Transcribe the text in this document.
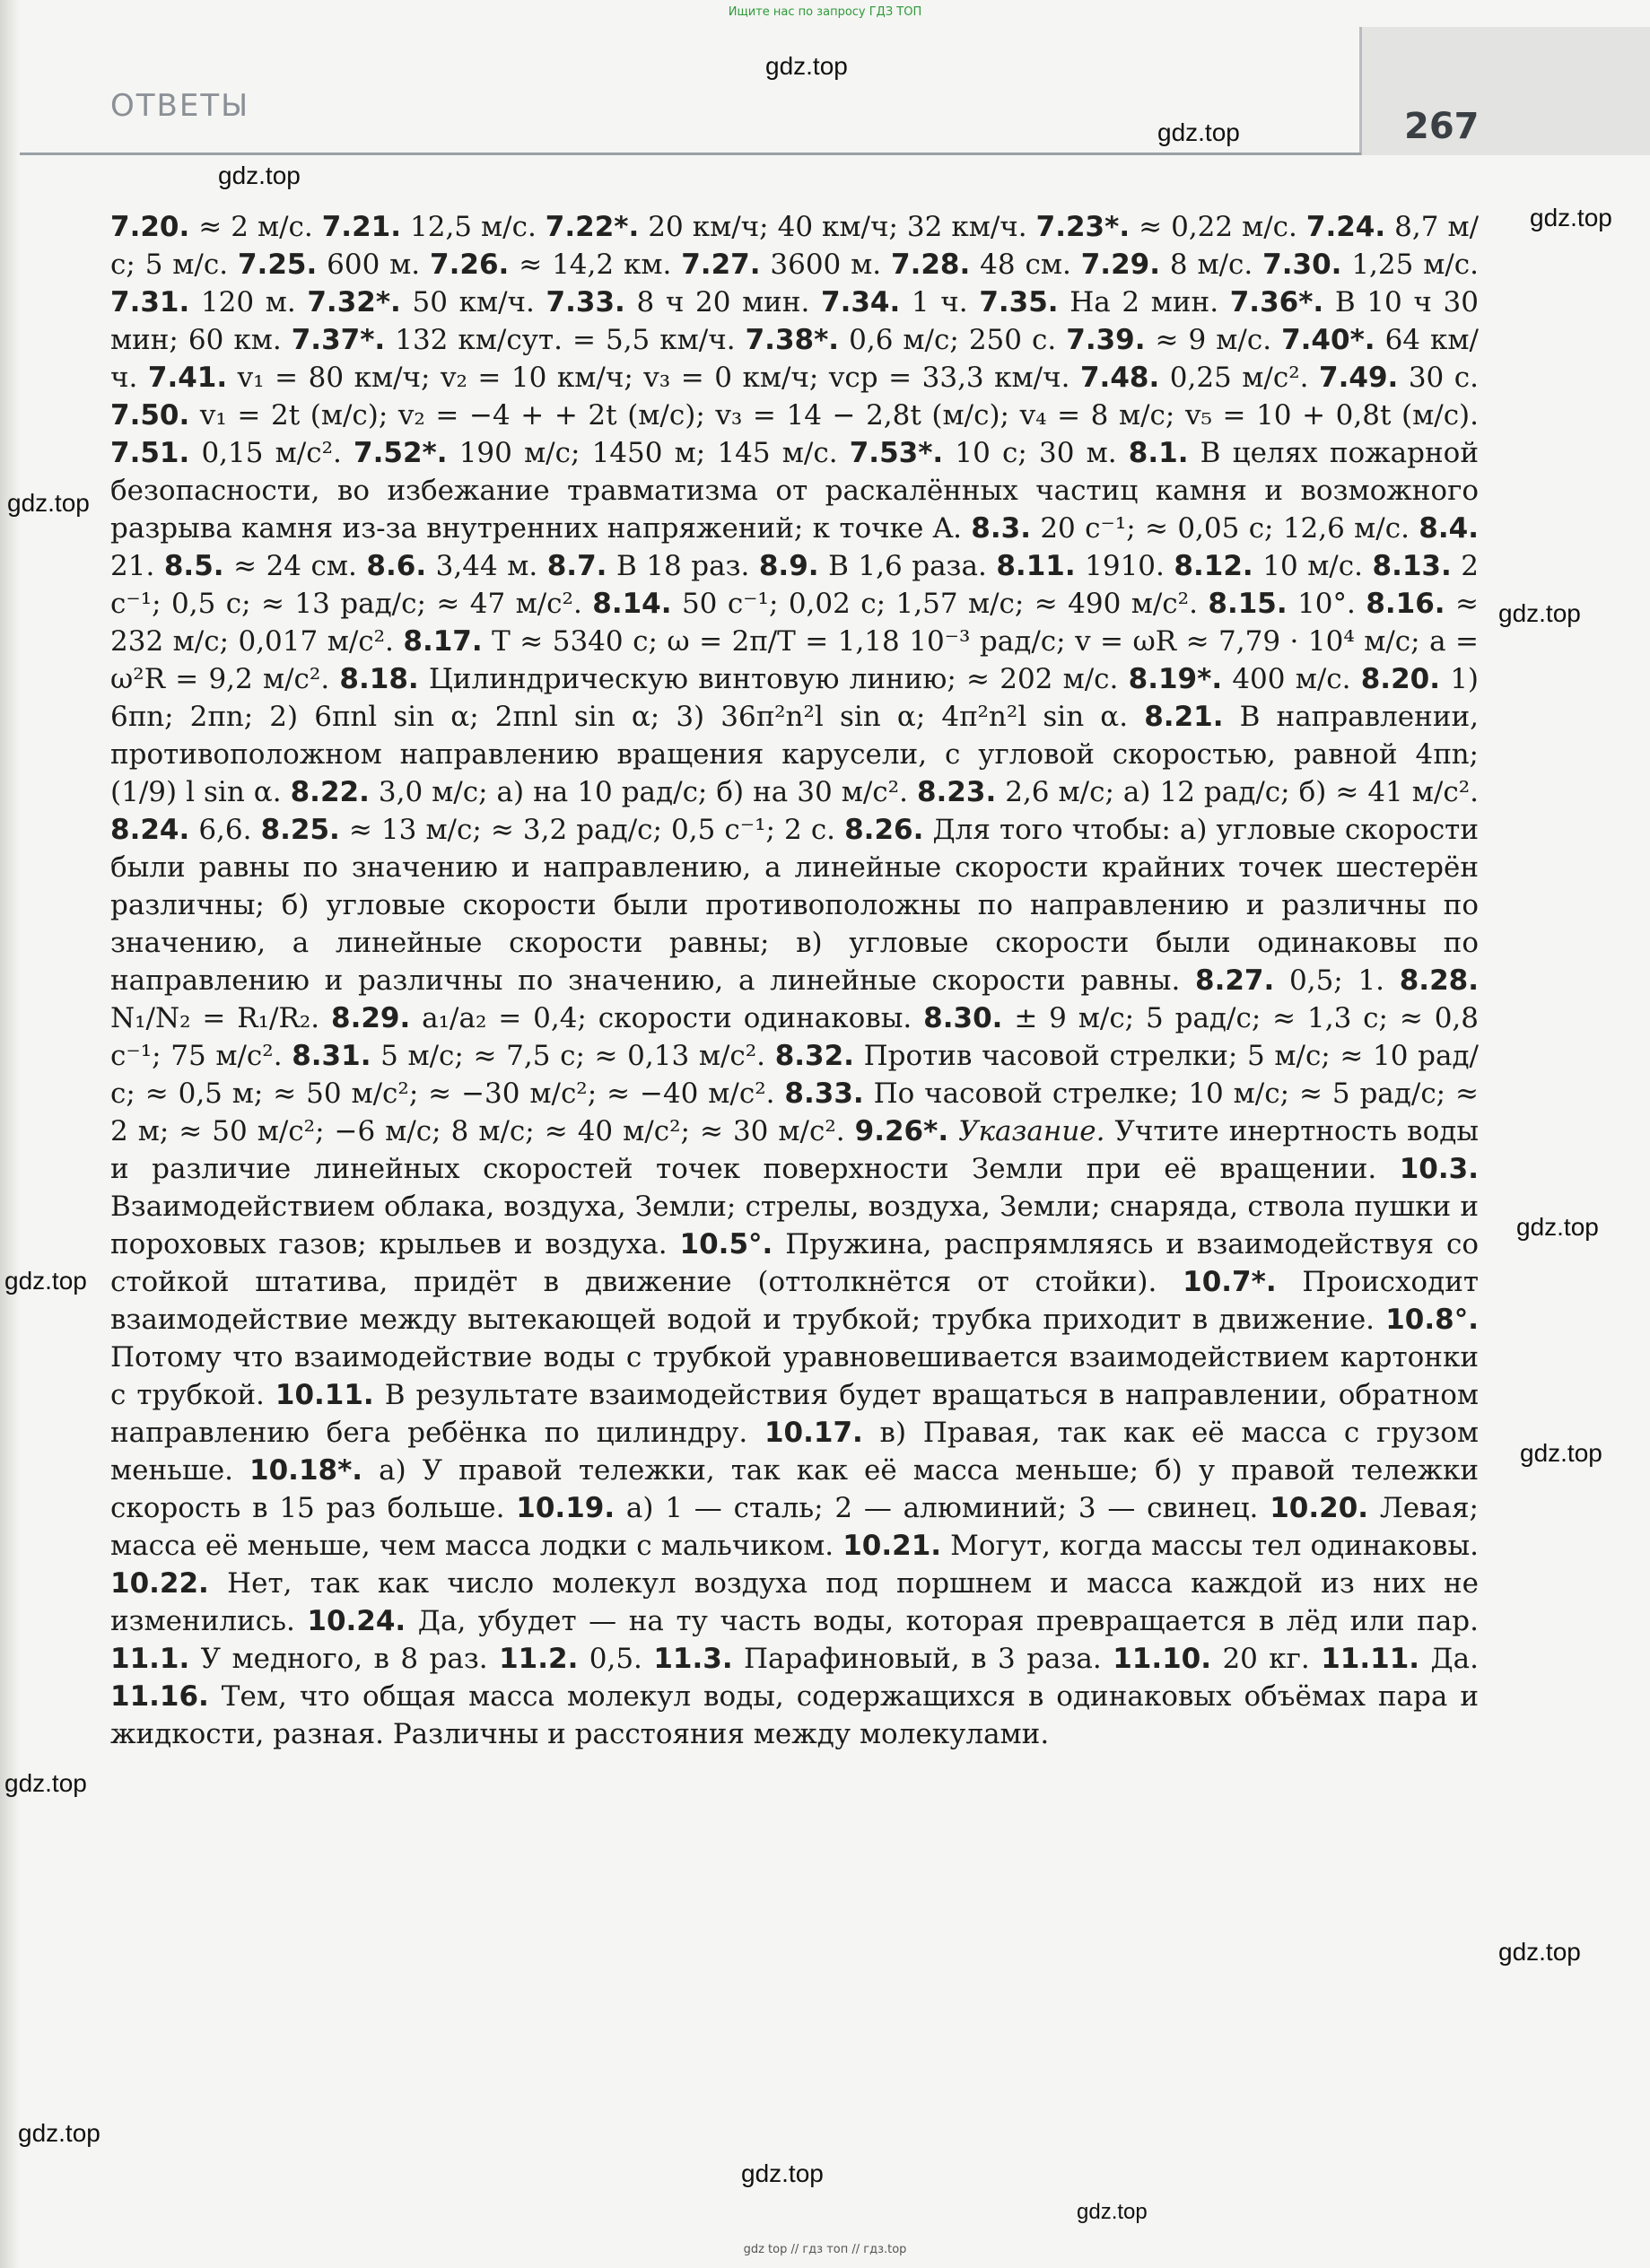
Ищите нас по запросу ГДЗ ТОП
ОТВЕТЫ	267
gdz.top
gdz.top
gdz.top
gdz.top
gdz.top
gdz.top
gdz.top
gdz.top
gdz.top
gdz.top
gdz.top
gdz.top
gdz.top
gdz.top

7.20. ≈ 2 м/с. 7.21. 12,5 м/с. 7.22*. 20 км/ч; 40 км/ч; 32 км/ч. 7.23*. ≈ 0,22 м/с. 7.24. 8,7 м/с; 5 м/с. 7.25. 600 м. 7.26. ≈ 14,2 км. 7.27. 3600 м. 7.28. 48 см. 7.29. 8 м/с. 7.30. 1,25 м/с. 7.31. 120 м. 7.32*. 50 км/ч. 7.33. 8 ч 20 мин. 7.34. 1 ч. 7.35. На 2 мин. 7.36*. В 10 ч 30 мин; 60 км. 7.37*. 132 км/сут. = 5,5 км/ч. 7.38*. 0,6 м/с; 250 с. 7.39. ≈ 9 м/с. 7.40*. 64 км/ч. 7.41. v₁ = 80 км/ч; v₂ = 10 км/ч; v₃ = 0 км/ч; vср = 33,3 км/ч. 7.48. 0,25 м/с². 7.49. 30 с. 7.50. v₁ = 2t (м/с); v₂ = −4 + + 2t (м/с); v₃ = 14 − 2,8t (м/с); v₄ = 8 м/с; v₅ = 10 + 0,8t (м/с). 7.51. 0,15 м/с². 7.52*. 190 м/с; 1450 м; 145 м/с. 7.53*. 10 с; 30 м. 8.1. В целях пожарной безопасности, во избежание травматизма от раскалённых частиц камня и возможного разрыва камня из-за внутренних напряжений; к точке A. 8.3. 20 с⁻¹; ≈ 0,05 с; 12,6 м/с. 8.4. 21. 8.5. ≈ 24 см. 8.6. 3,44 м. 8.7. В 18 раз. 8.9. В 1,6 раза. 8.11. 1910. 8.12. 10 м/с. 8.13. 2 с⁻¹; 0,5 с; ≈ 13 рад/с; ≈ 47 м/с². 8.14. 50 с⁻¹; 0,02 с; 1,57 м/с; ≈ 490 м/с². 8.15. 10°. 8.16. ≈ 232 м/с; 0,017 м/с². 8.17. T ≈ 5340 с; ω = 2π/T = 1,18 10⁻³ рад/с; v = ωR ≈ 7,79 · 10⁴ м/с; a = ω²R = 9,2 м/с². 8.18. Цилиндрическую винтовую линию; ≈ 202 м/с. 8.19*. 400 м/с. 8.20. 1) 6πn; 2πn; 2) 6πnl sin α; 2πnl sin α; 3) 36π²n²l sin α; 4π²n²l sin α. 8.21. В направлении, противоположном направлению вращения карусели, с угловой скоростью, равной 4πn; (1/9) l sin α. 8.22. 3,0 м/с; а) на 10 рад/с; б) на 30 м/с². 8.23. 2,6 м/с; а) 12 рад/с; б) ≈ 41 м/с². 8.24. 6,6. 8.25. ≈ 13 м/с; ≈ 3,2 рад/с; 0,5 с⁻¹; 2 с. 8.26. Для того чтобы: а) угловые скорости были равны по значению и направлению, а линейные скорости крайних точек шестерён различны; б) угловые скорости были противоположны по направлению и различны по значению, а линейные скорости равны; в) угловые скорости были одинаковы по направлению и различны по значению, а линейные скорости равны. 8.27. 0,5; 1. 8.28. N₁/N₂ = R₁/R₂. 8.29. a₁/a₂ = 0,4; скорости одинаковы. 8.30. ± 9 м/с; 5 рад/с; ≈ 1,3 с; ≈ 0,8 с⁻¹; 75 м/с². 8.31. 5 м/с; ≈ 7,5 с; ≈ 0,13 м/с². 8.32. Против часовой стрелки; 5 м/с; ≈ 10 рад/с; ≈ 0,5 м; ≈ 50 м/с²; ≈ −30 м/с²; ≈ −40 м/с². 8.33. По часовой стрелке; 10 м/с; ≈ 5 рад/с; ≈ 2 м; ≈ 50 м/с²; −6 м/с; 8 м/с; ≈ 40 м/с²; ≈ 30 м/с². 9.26*. Указание. Учтите инертность воды и различие линейных скоростей точек поверхности Земли при её вращении. 10.3. Взаимодействием облака, воздуха, Земли; стрелы, воздуха, Земли; снаряда, ствола пушки и пороховых газов; крыльев и воздуха. 10.5°. Пружина, распрямляясь и взаимодействуя со стойкой штатива, придёт в движение (оттолкнётся от стойки). 10.7*. Происходит взаимодействие между вытекающей водой и трубкой; трубка приходит в движение. 10.8°. Потому что взаимодействие воды с трубкой уравновешивается взаимодействием картонки с трубкой. 10.11. В результате взаимодействия будет вращаться в направлении, обратном направлению бега ребёнка по цилиндру. 10.17. в) Правая, так как её масса с грузом меньше. 10.18*. а) У правой тележки, так как её масса меньше; б) у правой тележки скорость в 15 раз больше. 10.19. а) 1 — сталь; 2 — алюминий; 3 — свинец. 10.20. Левая; масса её меньше, чем масса лодки с мальчиком. 10.21. Могут, когда массы тел одинаковы. 10.22. Нет, так как число молекул воздуха под поршнем и масса каждой из них не изменились. 10.24. Да, убудет — на ту часть воды, которая превращается в лёд или пар. 11.1. У медного, в 8 раз. 11.2. 0,5. 11.3. Парафиновый, в 3 раза. 11.10. 20 кг. 11.11. Да. 11.16. Тем, что общая масса молекул воды, содержащихся в одинаковых объёмах пара и жидкости, разная. Различны и расстояния между молекулами.

gdz top // гдз топ // гдз.top
